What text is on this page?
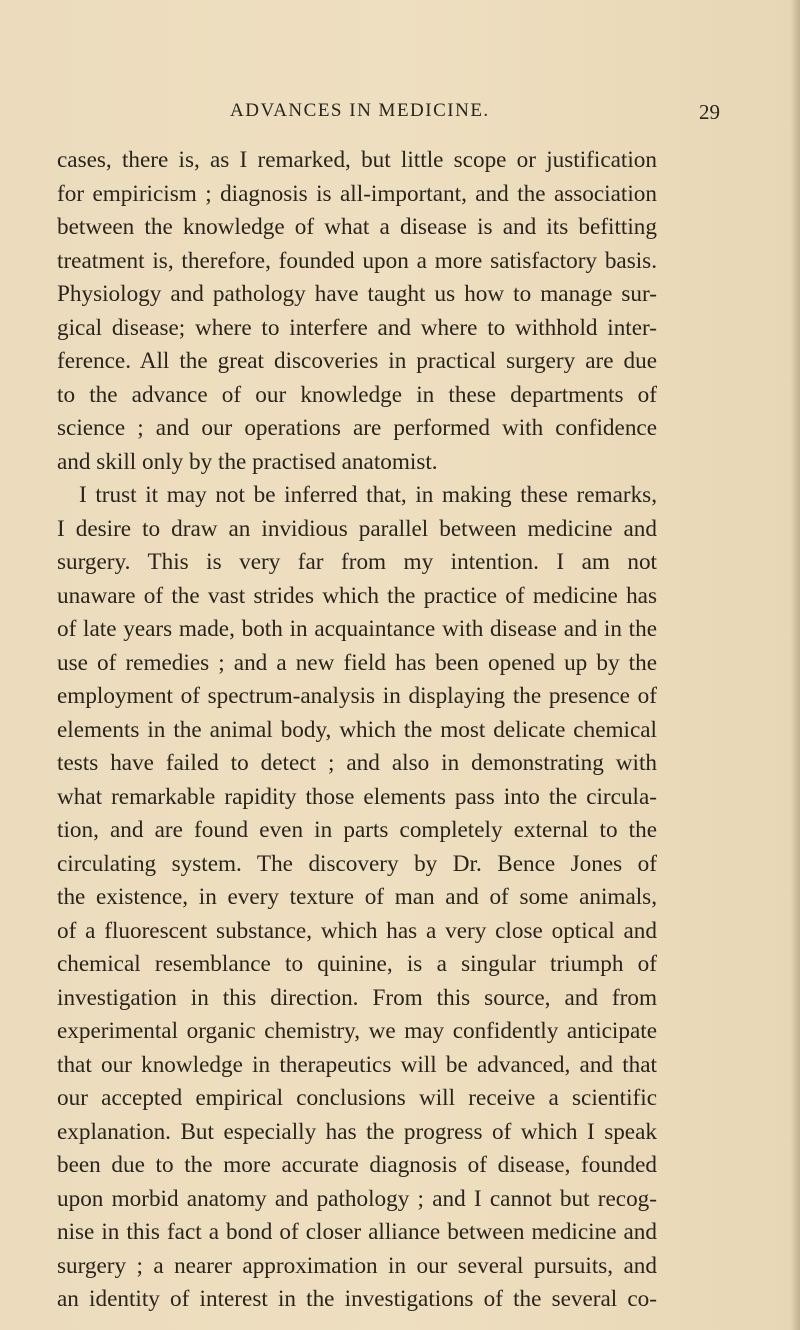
ADVANCES IN MEDICINE.	29
cases, there is, as I remarked, but little scope or justification
for empiricism ; diagnosis is all-important, and the association
between the knowledge of what a disease is and its befitting
treatment is, therefore, founded upon a more satisfactory basis.
Physiology and pathology have taught us how to manage sur-
gical disease; where to interfere and where to withhold inter-
ference. All the great discoveries in practical surgery are due
to the advance of our knowledge in these departments of
science ; and our operations are performed with confidence
and skill only by the practised anatomist.
I trust it may not be inferred that, in making these remarks,
I desire to draw an invidious parallel between medicine and
surgery. This is very far from my intention. I am not
unaware of the vast strides which the practice of medicine has
of late years made, both in acquaintance with disease and in the
use of remedies ; and a new field has been opened up by the
employment of spectrum-analysis in displaying the presence of
elements in the animal body, which the most delicate chemical
tests have failed to detect ; and also in demonstrating with
what remarkable rapidity those elements pass into the circula-
tion, and are found even in parts completely external to the
circulating system. The discovery by Dr. Bence Jones of
the existence, in every texture of man and of some animals,
of a fluorescent substance, which has a very close optical and
chemical resemblance to quinine, is a singular triumph of
investigation in this direction. From this source, and from
experimental organic chemistry, we may confidently anticipate
that our knowledge in therapeutics will be advanced, and that
our accepted empirical conclusions will receive a scientific
explanation. But especially has the progress of which I speak
been due to the more accurate diagnosis of disease, founded
upon morbid anatomy and pathology ; and I cannot but recog-
nise in this fact a bond of closer alliance between medicine and
surgery ; a nearer approximation in our several pursuits, and
an identity of interest in the investigations of the several co-
